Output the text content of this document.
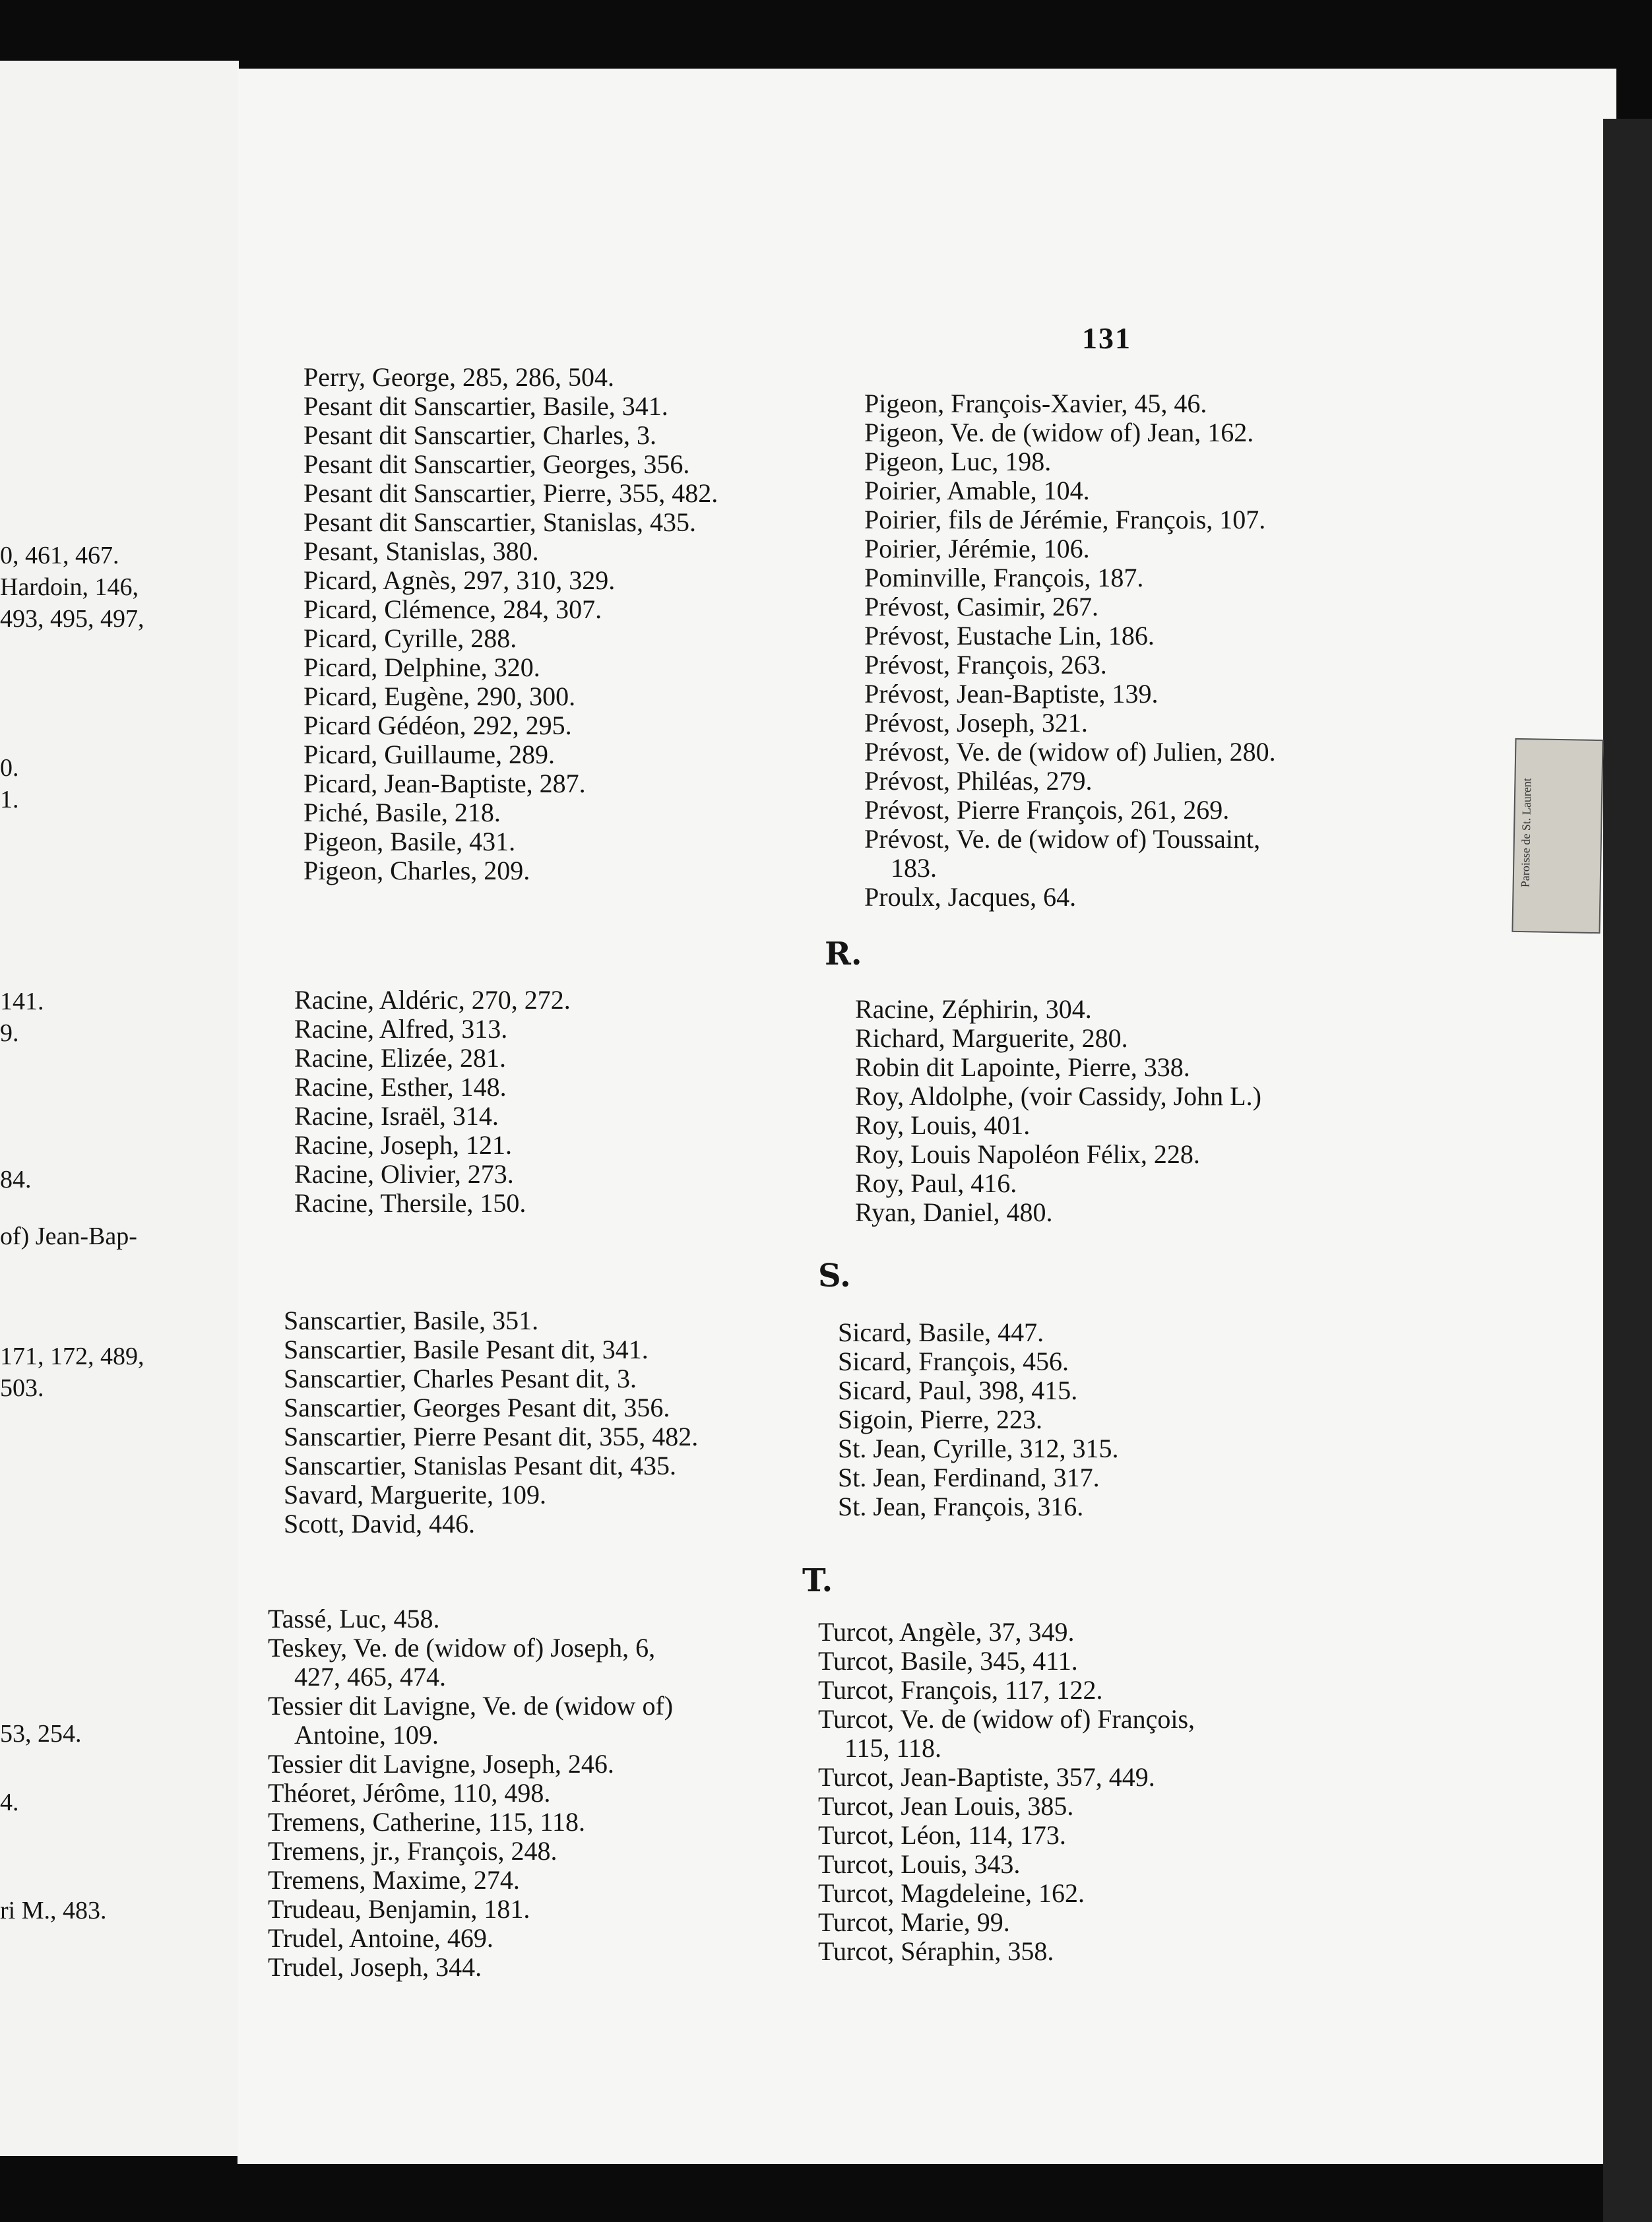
0, 461, 467.
Hardoin, 146,
493, 495, 497,
0.
1.
141.
9.
84.
of) Jean-Bap-
171, 172, 489,
503.
53, 254.
4.
ri M., 483.
131
Perry, George, 285, 286, 504.
Pesant dit Sanscartier, Basile, 341.
Pesant dit Sanscartier, Charles, 3.
Pesant dit Sanscartier, Georges, 356.
Pesant dit Sanscartier, Pierre, 355, 482.
Pesant dit Sanscartier, Stanislas, 435.
Pesant, Stanislas, 380.
Picard, Agnès, 297, 310, 329.
Picard, Clémence, 284, 307.
Picard, Cyrille, 288.
Picard, Delphine, 320.
Picard, Eugène, 290, 300.
Picard Gédéon, 292, 295.
Picard, Guillaume, 289.
Picard, Jean-Baptiste, 287.
Piché, Basile, 218.
Pigeon, Basile, 431.
Pigeon, Charles, 209.
Pigeon, François-Xavier, 45, 46.
Pigeon, Ve. de (widow of) Jean, 162.
Pigeon, Luc, 198.
Poirier, Amable, 104.
Poirier, fils de Jérémie, François, 107.
Poirier, Jérémie, 106.
Pominville, François, 187.
Prévost, Casimir, 267.
Prévost, Eustache Lin, 186.
Prévost, François, 263.
Prévost, Jean-Baptiste, 139.
Prévost, Joseph, 321.
Prévost, Ve. de (widow of) Julien, 280.
Prévost, Philéas, 279.
Prévost, Pierre François, 261, 269.
Prévost, Ve. de (widow of) Toussaint,
183.
Proulx, Jacques, 64.
R.
Racine, Aldéric, 270, 272.
Racine, Alfred, 313.
Racine, Elizée, 281.
Racine, Esther, 148.
Racine, Israël, 314.
Racine, Joseph, 121.
Racine, Olivier, 273.
Racine, Thersile, 150.
Racine, Zéphirin, 304.
Richard, Marguerite, 280.
Robin dit Lapointe, Pierre, 338.
Roy, Aldolphe, (voir Cassidy, John L.)
Roy, Louis, 401.
Roy, Louis Napoléon Félix, 228.
Roy, Paul, 416.
Ryan, Daniel, 480.
S.
Sanscartier, Basile, 351.
Sanscartier, Basile Pesant dit, 341.
Sanscartier, Charles Pesant dit, 3.
Sanscartier, Georges Pesant dit, 356.
Sanscartier, Pierre Pesant dit, 355, 482.
Sanscartier, Stanislas Pesant dit, 435.
Savard, Marguerite, 109.
Scott, David, 446.
Sicard, Basile, 447.
Sicard, François, 456.
Sicard, Paul, 398, 415.
Sigoin, Pierre, 223.
St. Jean, Cyrille, 312, 315.
St. Jean, Ferdinand, 317.
St. Jean, François, 316.
T.
Tassé, Luc, 458.
Teskey, Ve. de (widow of) Joseph, 6,
427, 465, 474.
Tessier dit Lavigne, Ve. de (widow of)
Antoine, 109.
Tessier dit Lavigne, Joseph, 246.
Théoret, Jérôme, 110, 498.
Tremens, Catherine, 115, 118.
Tremens, jr., François, 248.
Tremens, Maxime, 274.
Trudeau, Benjamin, 181.
Trudel, Antoine, 469.
Trudel, Joseph, 344.
Turcot, Angèle, 37, 349.
Turcot, Basile, 345, 411.
Turcot, François, 117, 122.
Turcot, Ve. de (widow of) François,
115, 118.
Turcot, Jean-Baptiste, 357, 449.
Turcot, Jean Louis, 385.
Turcot, Léon, 114, 173.
Turcot, Louis, 343.
Turcot, Magdeleine, 162.
Turcot, Marie, 99.
Turcot, Séraphin, 358.
Paroisse de St. Laurent
